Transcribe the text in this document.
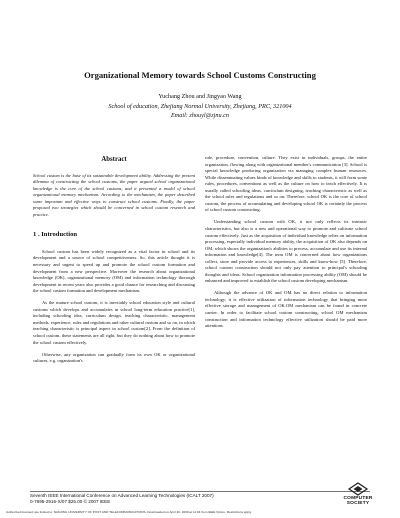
Organizational Memory towards School Customs Constructing
Yuchang Zhou and Jingyao Wang
School of education, Zhejiang Normal University, Zhejiang, PRC, 321004
Email: zhouyl@zjnu.cn
Abstract

School custom is the base of its sustainable development ability. Addressing the present dilemma of constructing the school customs, the paper argued school organizational knowledge is the core of the school customs, and it presented a model of school organizational memory mechanism. According to the mechanism, the paper described some important and effective ways to construct school customs. Finally, the paper proposed two strategies which should be concerned in school custom research and practice.

1 . Introduction

School custom has been widely recognized as a vital factor in school and its development and a source of school competitiveness. So, this article thought it is necessary and urgent to speed up and promote the school custom formation and development from a new perspective. Moreover the research about organizational knowledge (OK), organizational memory (OM) and information technology thorough development in recent years also provides a good chance for researching and discussing the school custom formation and development mechanism.

As the mature school custom, it is inevitably school education style and cultural customs which develops and accumulates in school long-term education practice[1], including schooling idea, curriculum design, teaching characteristic, management methods, experience, rules and regulations and other cultural custom and so on, in which teaching characteristic is principal aspect in school custom[2]. From the definition of school custom, these statements are all right, but they do nothing about how to promote the school custom effectively.

Otherwise, any organization can gradually form its own OK or organizational cultures, e.g. organization's

rule, procedure, convention, culture. They exist in individuals, groups, the entire organization, flowing along with organizational member's communication [3]. School is special knowledge producing organization via managing complex human resources. While disseminating values kinds of knowledge and skills to students, it will form some rules, procedures, conventions as well as the culture on how to teach effectively. It is usually called schooling ideas, curriculum designing, teaching characteristic as well as the school rules and regulations and so on. Therefore, school OK is the core of school custom, the process of accumulating and developing school OK is certainly the process of school custom constructing.

Understanding school custom with OK, it not only reflects its intrinsic characteristics, but also is a new and operational way to promote and cultivate school custom effectively. Just as the acquisition of individual knowledge relies on information processing, especially individual memory ability, the acquisition of OK also depends on OM, which shows the organization's abilities to process, accumulate and use its internal information and knowledge[4]. The term OM is concerned about how organizations collect, store and provide access to experiences, skills and know-how [5]. Therefore, school custom construction should not only pay attention to principal's schooling thoughts and ideas. School organization information processing ability (OM) should be enhanced and improved to establish the school custom developing mechanism.

Although the advance of OK and OM has no direct relation to information technology, it is effective utilization of information technology that bringing more effective storage and management of OK.OM mechanism can be found in concrete carrier. In order to facilitate school custom constructing, school OM mechanism construction and information technology effective utilization should be paid more attentions.

Seventh IEEE International Conference on Advanced Learning Technologies (ICALT 2007)
0-7695-2916-X/07 $25.00 © 2007 IEEE
COMPUTER
SOCIETY
Authorized licensed use limited to: NANJING UNIVERSITY OF POST AND TELECOMMUNICATIONS. Downloaded on April 26, 2009 at 11:04 from IEEE Xplore. Restrictions apply.
